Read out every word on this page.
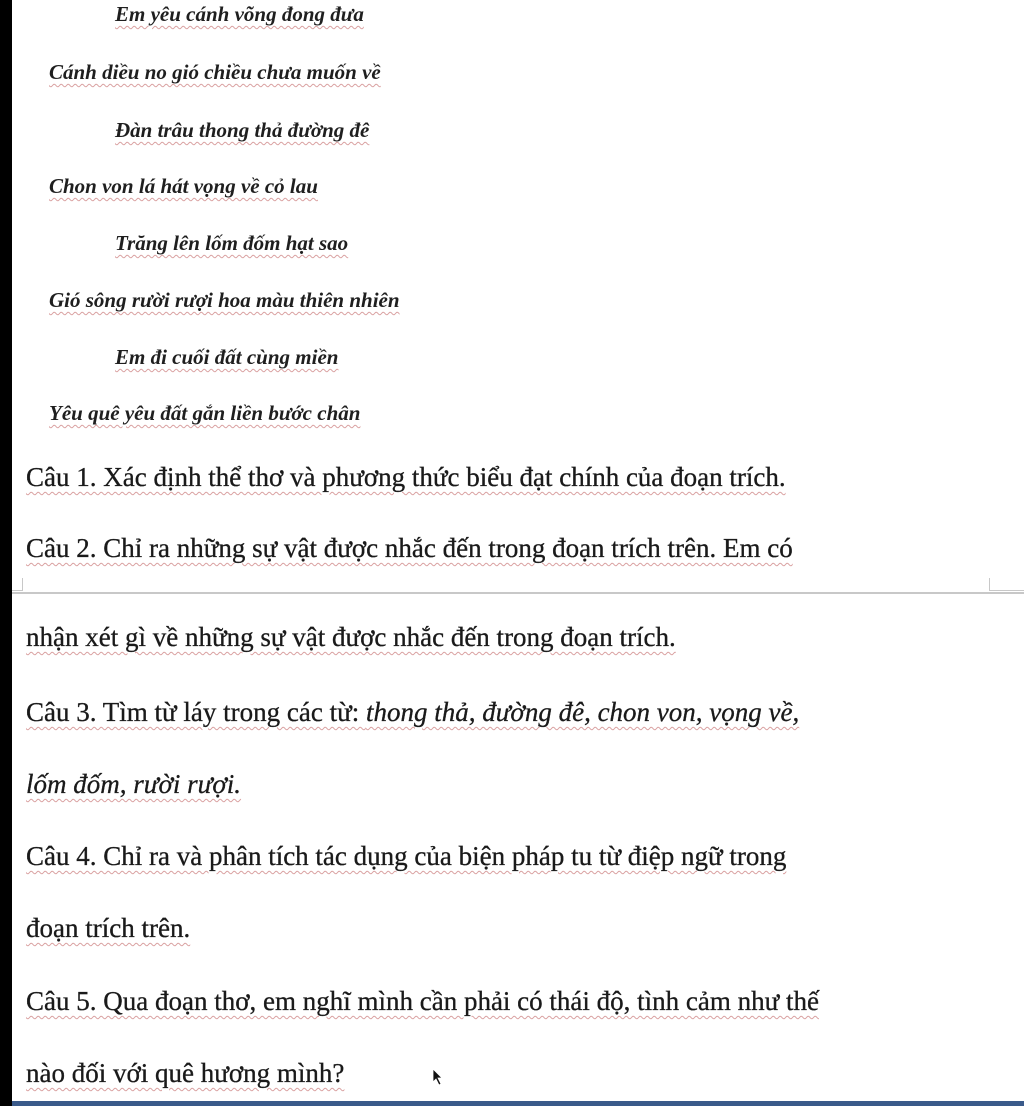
Em yêu cánh võng đong đưa
Cánh diều no gió chiều chưa muốn về
Đàn trâu thong thả đường đê
Chon von lá hát vọng về cỏ lau
Trăng lên lốm đốm hạt sao
Gió sông rười rượi hoa màu thiên nhiên
Em đi cuối đất cùng miền
Yêu quê yêu đất gắn liền bước chân
Câu 1. Xác định thể thơ và phương thức biểu đạt chính của đoạn trích.
Câu 2. Chỉ ra những sự vật được nhắc đến trong đoạn trích trên. Em có
nhận xét gì về những sự vật được nhắc đến trong đoạn trích.
Câu 3. Tìm từ láy trong các từ: thong thả, đường đê, chon von, vọng về,
lốm đốm, rười rượi.
Câu 4. Chỉ ra và phân tích tác dụng của biện pháp tu từ điệp ngữ trong
đoạn trích trên.
Câu 5. Qua đoạn thơ, em nghĩ mình cần phải có thái độ, tình cảm như thế
nào đối với quê hương mình?
